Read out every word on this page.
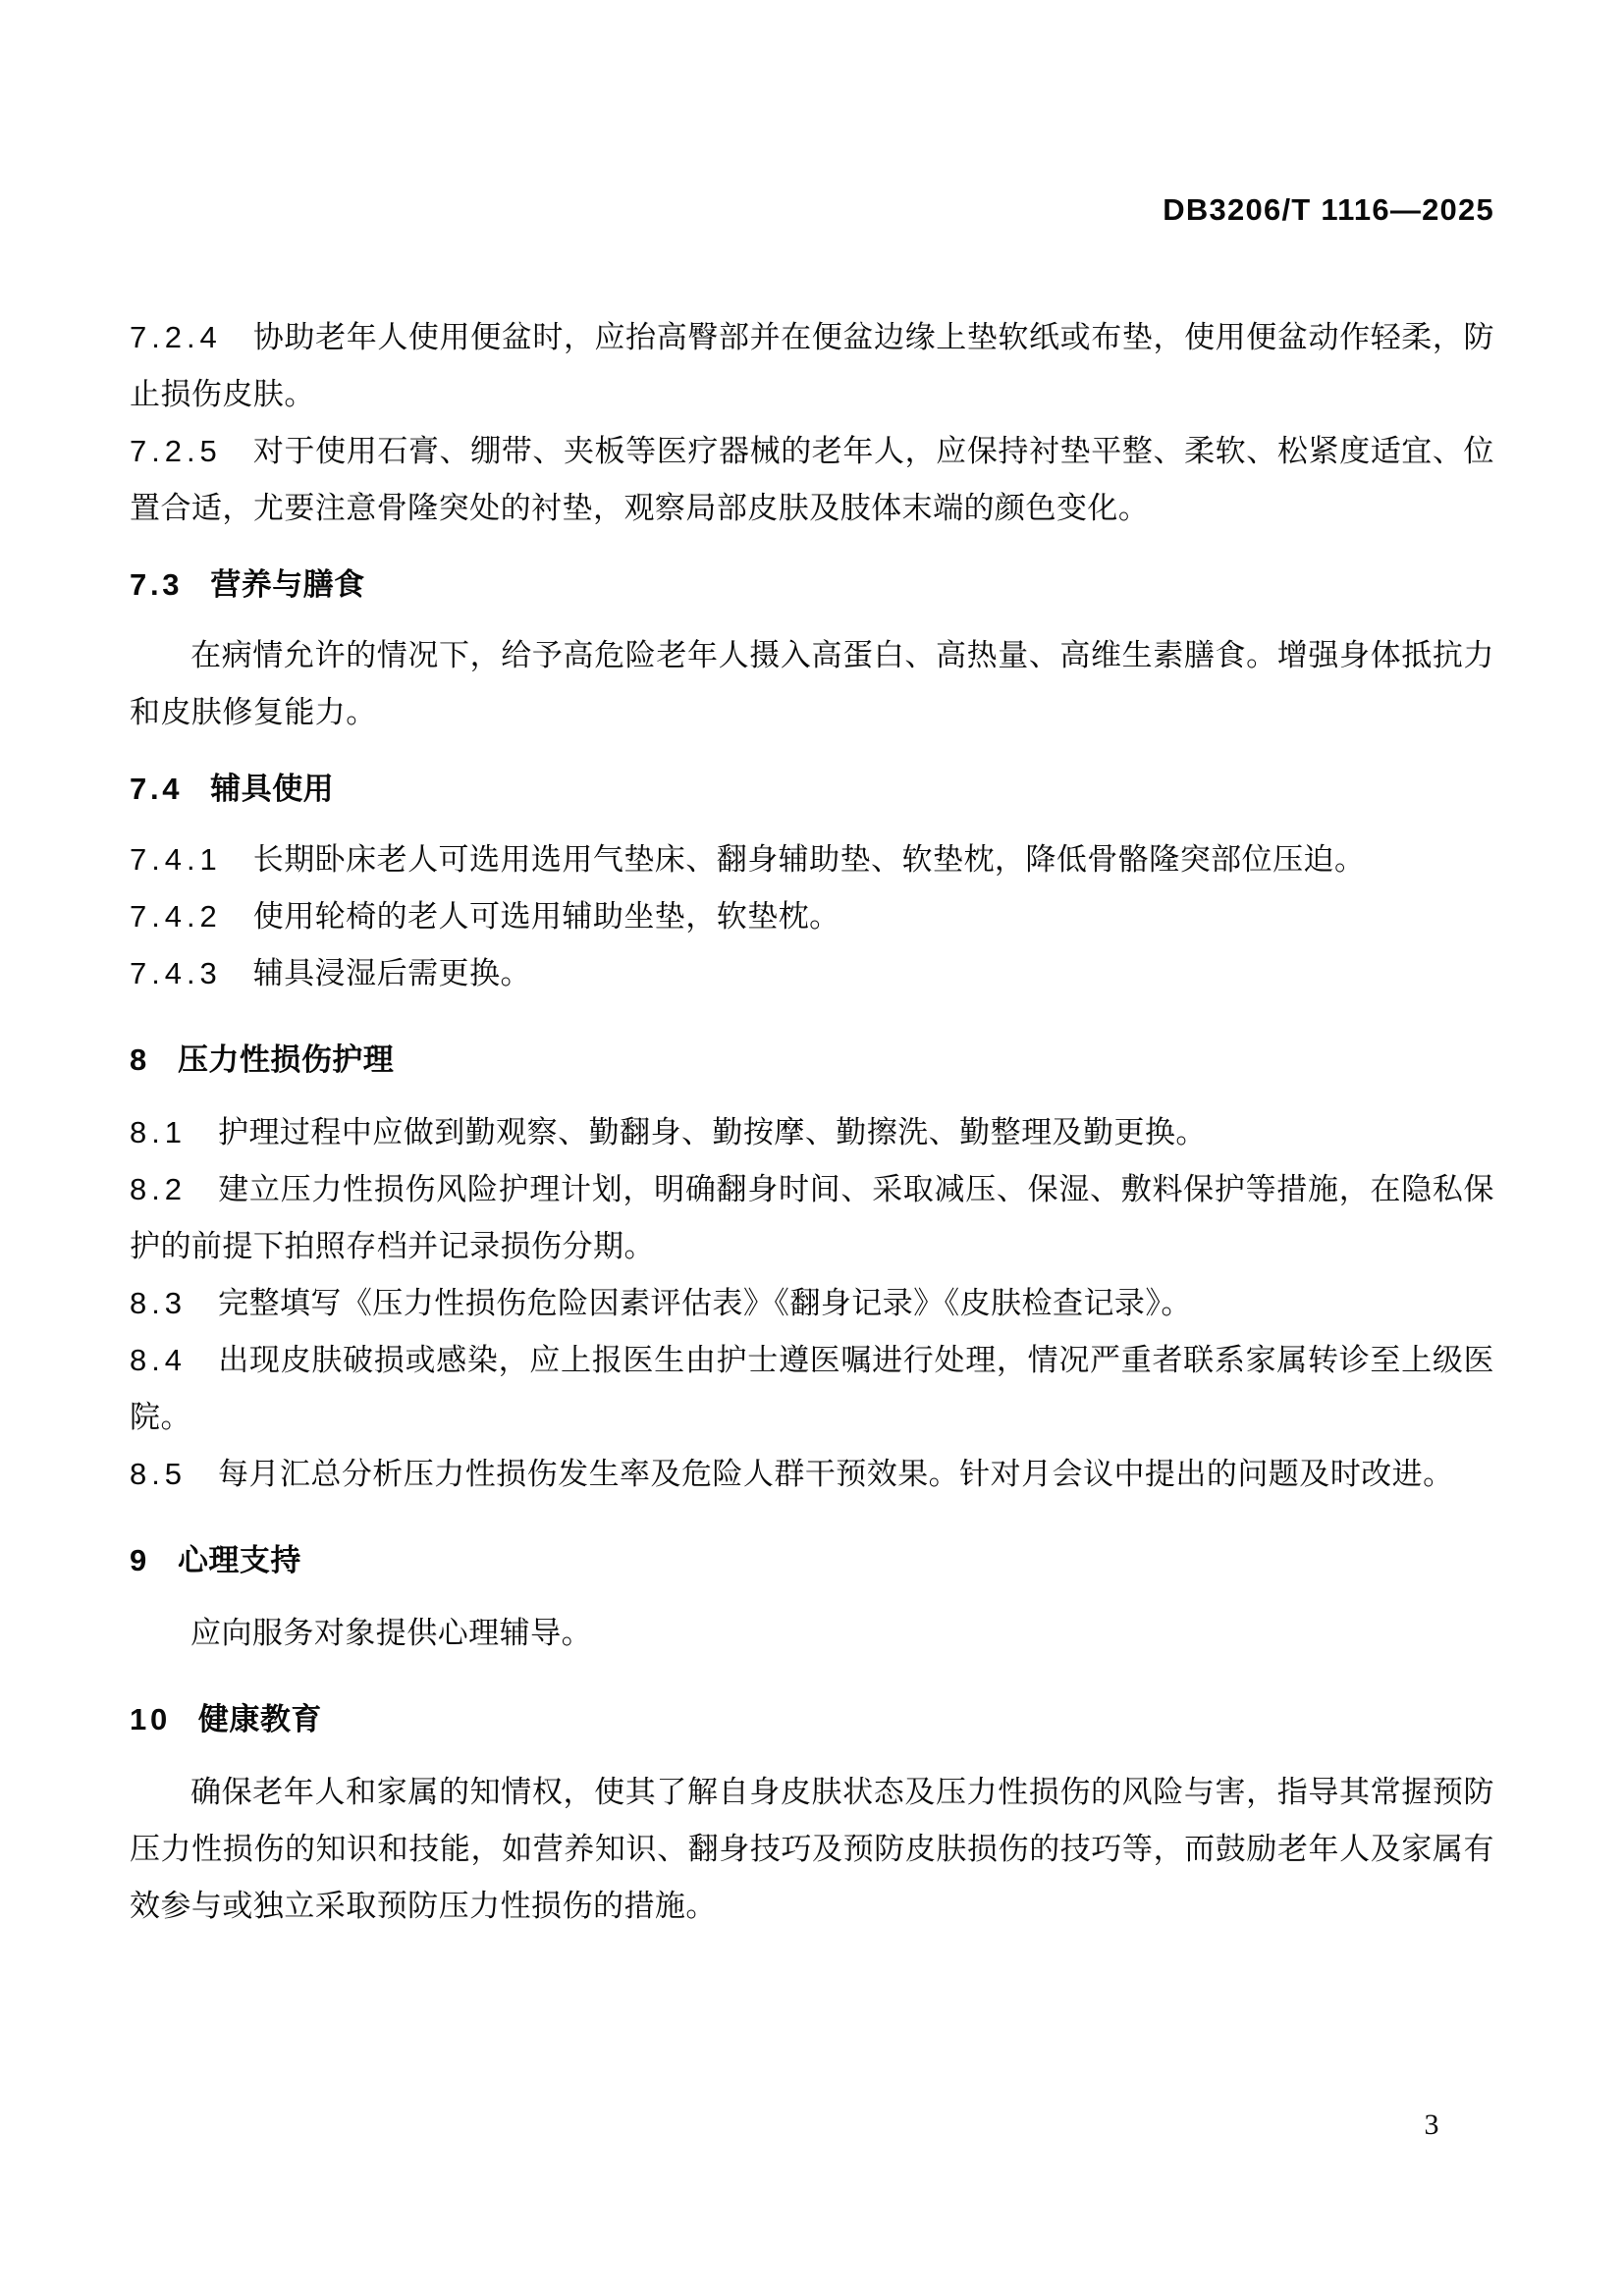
DB3206/T 1116—2025

7.2.4 协助老年人使用便盆时，应抬高臀部并在便盆边缘上垫软纸或布垫，使用便盆动作轻柔，防止损伤皮肤。

7.2.5 对于使用石膏、绷带、夹板等医疗器械的老年人，应保持衬垫平整、柔软、松紧度适宜、位置合适，尤要注意骨隆突处的衬垫，观察局部皮肤及肢体末端的颜色变化。

7.3 营养与膳食

在病情允许的情况下，给予高危险老年人摄入高蛋白、高热量、高维生素膳食。增强身体抵抗力和皮肤修复能力。

7.4 辅具使用

7.4.1 长期卧床老人可选用选用气垫床、翻身辅助垫、软垫枕，降低骨骼隆突部位压迫。

7.4.2 使用轮椅的老人可选用辅助坐垫，软垫枕。

7.4.3 辅具浸湿后需更换。

8 压力性损伤护理

8.1 护理过程中应做到勤观察、勤翻身、勤按摩、勤擦洗、勤整理及勤更换。

8.2 建立压力性损伤风险护理计划，明确翻身时间、采取减压、保湿、敷料保护等措施，在隐私保护的前提下拍照存档并记录损伤分期。

8.3 完整填写《压力性损伤危险因素评估表》《翻身记录》《皮肤检查记录》。

8.4 出现皮肤破损或感染，应上报医生由护士遵医嘱进行处理，情况严重者联系家属转诊至上级医院。

8.5 每月汇总分析压力性损伤发生率及危险人群干预效果。针对月会议中提出的问题及时改进。

9 心理支持

应向服务对象提供心理辅导。

10 健康教育

确保老年人和家属的知情权，使其了解自身皮肤状态及压力性损伤的风险与害，指导其常握预防压力性损伤的知识和技能，如营养知识、翻身技巧及预防皮肤损伤的技巧等，而鼓励老年人及家属有效参与或独立采取预防压力性损伤的措施。

3
